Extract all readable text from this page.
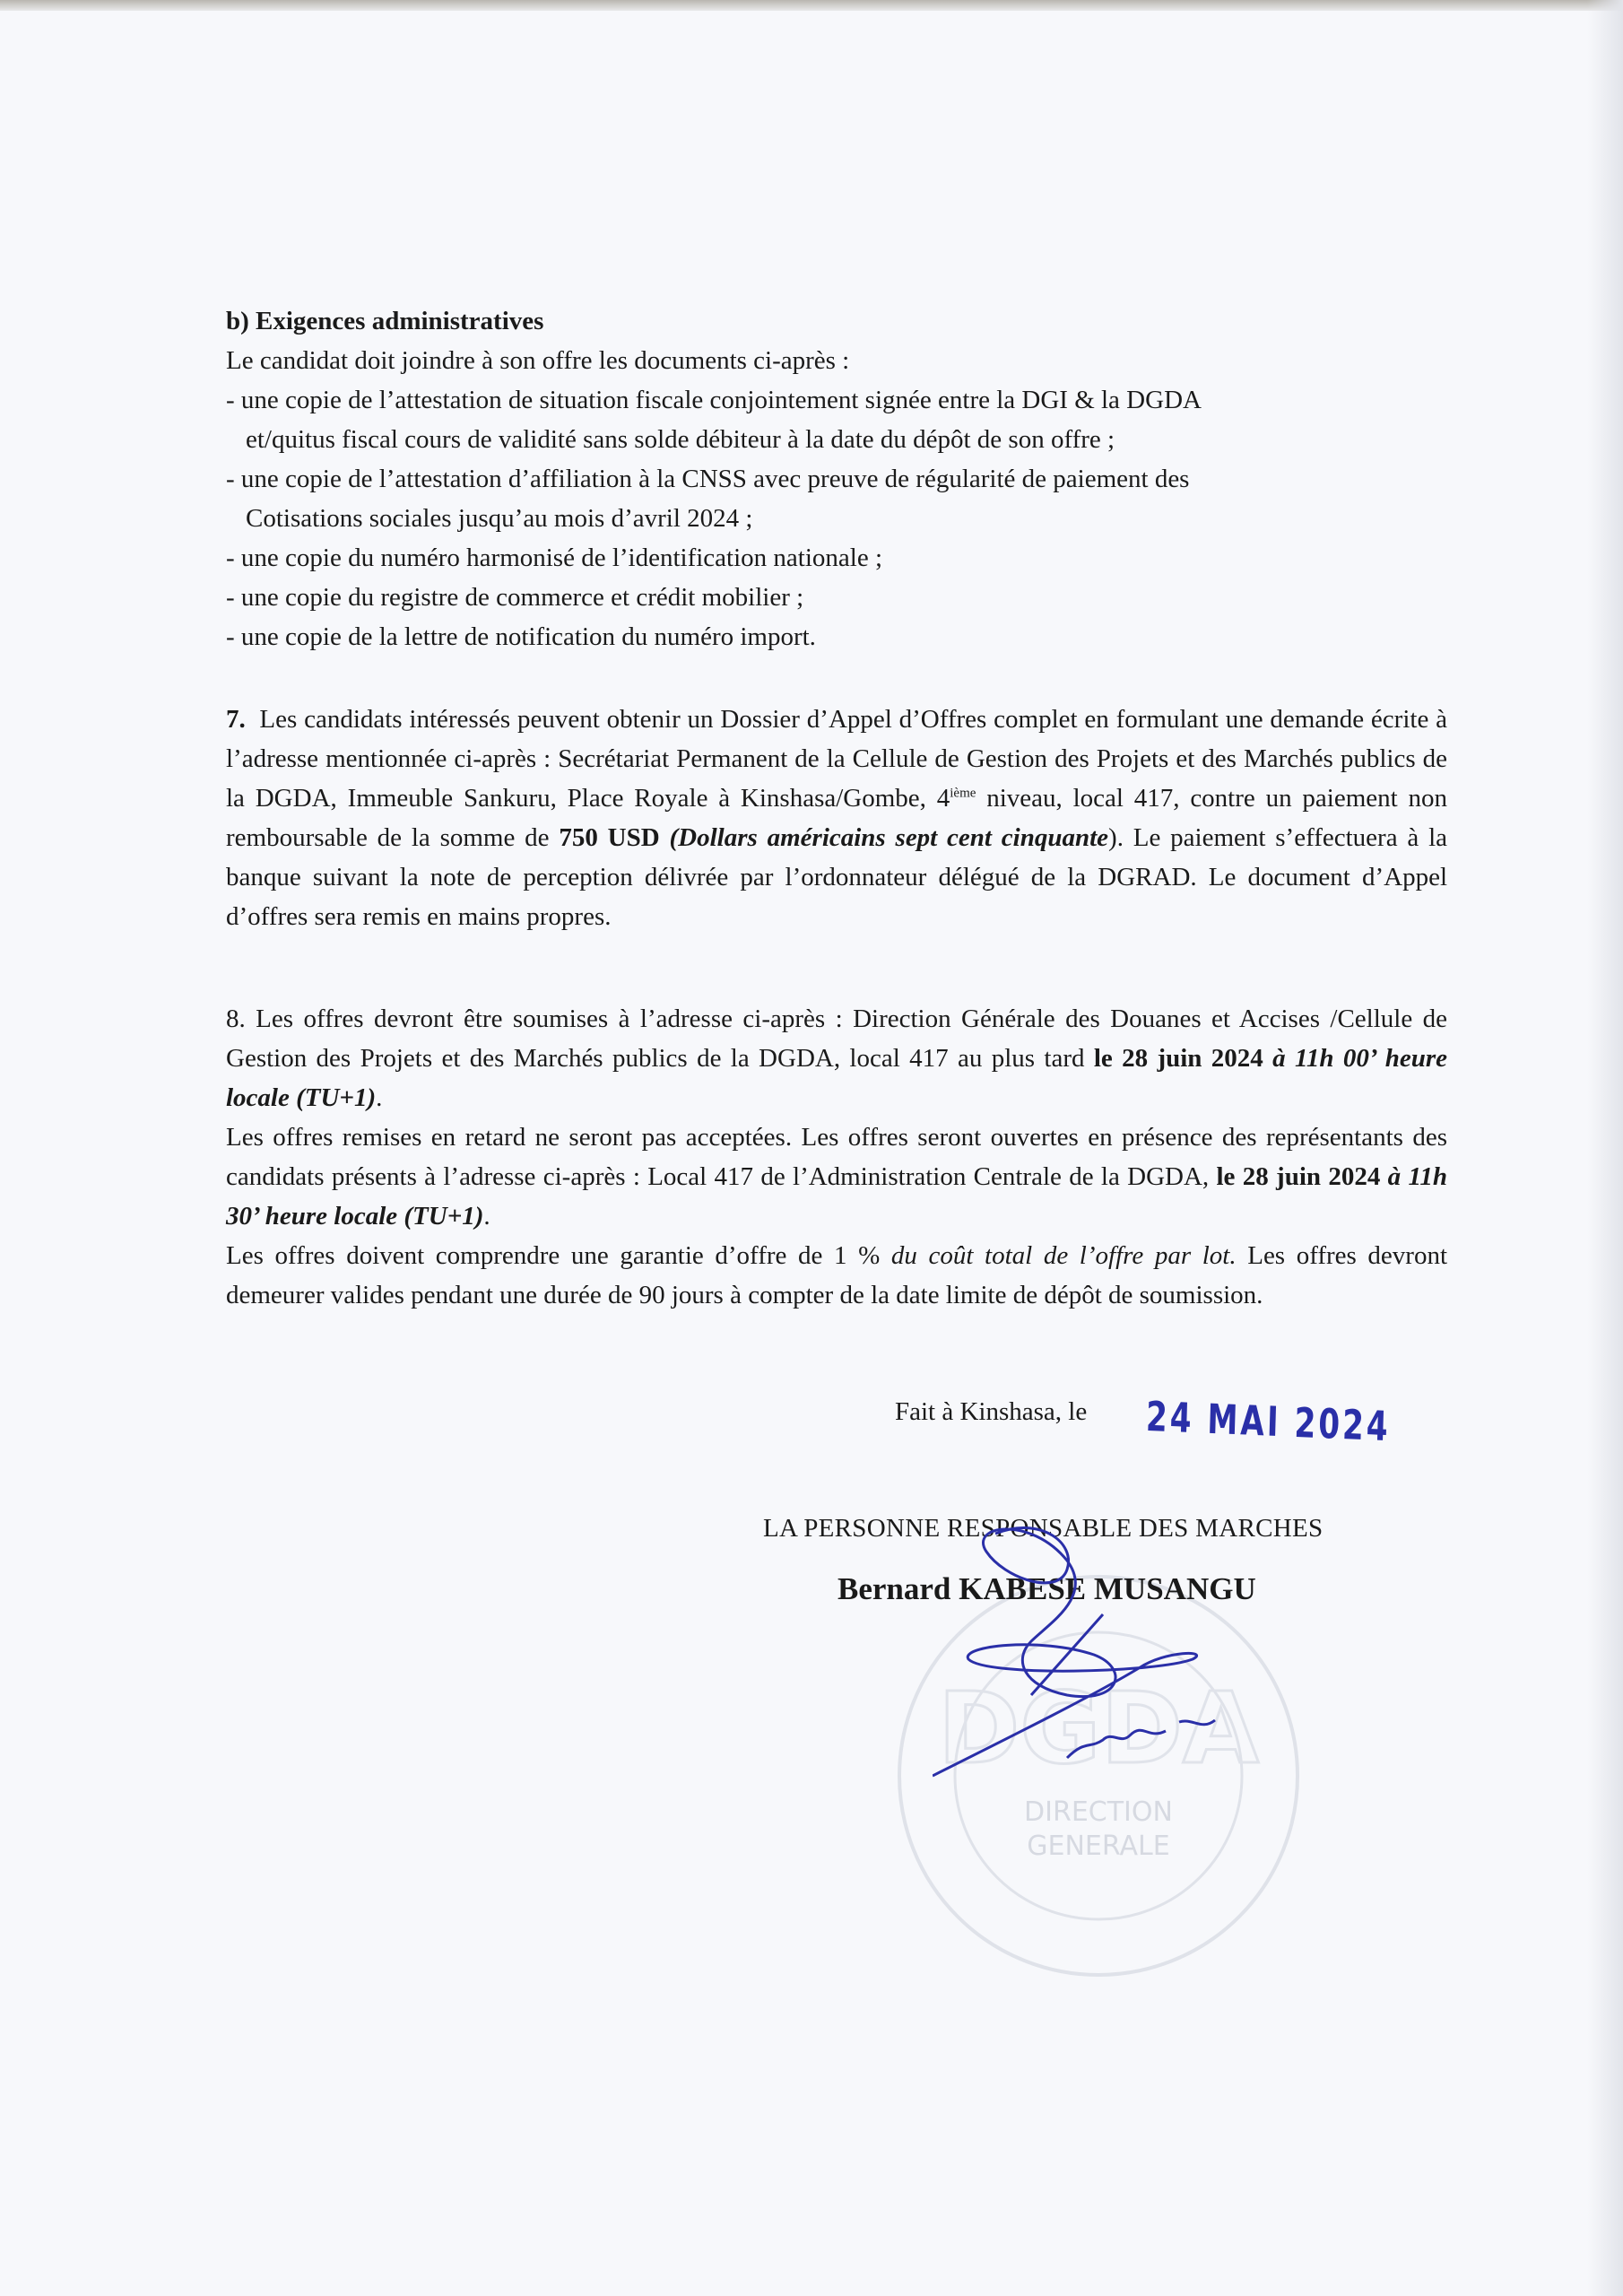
b) Exigences administratives

Le candidat doit joindre à son offre les documents ci-après :

- une copie de l’attestation de situation fiscale conjointement signée entre la DGI & la DGDA

et/quitus fiscal cours de validité sans solde débiteur à la date du dépôt de son offre ;

- une copie de l’attestation d’affiliation à la CNSS avec preuve de régularité de paiement des

Cotisations sociales jusqu’au mois d’avril 2024 ;

- une copie du numéro harmonisé de l’identification nationale ;

- une copie du registre de commerce et crédit mobilier ;

- une copie de la lettre de notification du numéro import.

7. Les candidats intéressés peuvent obtenir un Dossier d’Appel d’Offres complet en formulant une demande écrite à l’adresse mentionnée ci-après : Secrétariat Permanent de la Cellule de Gestion des Projets et des Marchés publics de la DGDA, Immeuble Sankuru, Place Royale à Kinshasa/Gombe, 4ième niveau, local 417, contre un paiement non remboursable de la somme de 750 USD (Dollars américains sept cent cinquante). Le paiement s’effectuera à la banque suivant la note de perception délivrée par l’ordonnateur délégué de la DGRAD. Le document d’Appel d’offres sera remis en mains propres.

8. Les offres devront être soumises à l’adresse ci-après : Direction Générale des Douanes et Accises /Cellule de Gestion des Projets et des Marchés publics de la DGDA, local 417 au plus tard le 28 juin 2024 à 11h 00’ heure locale (TU+1).

Les offres remises en retard ne seront pas acceptées. Les offres seront ouvertes en présence des représentants des candidats présents à l’adresse ci-après : Local 417 de l’Administration Centrale de la DGDA, le 28 juin 2024 à 11h 30’ heure locale (TU+1).

Les offres doivent comprendre une garantie d’offre de 1 % du coût total de l’offre par lot. Les offres devront demeurer valides pendant une durée de 90 jours à compter de la date limite de dépôt de soumission.

Fait à Kinshasa, le 24 MAI 2024
DGDA
DIRECTION
GENERALE
LA PERSONNE RESPONSABLE DES MARCHES
Bernard KABESE MUSANGU
